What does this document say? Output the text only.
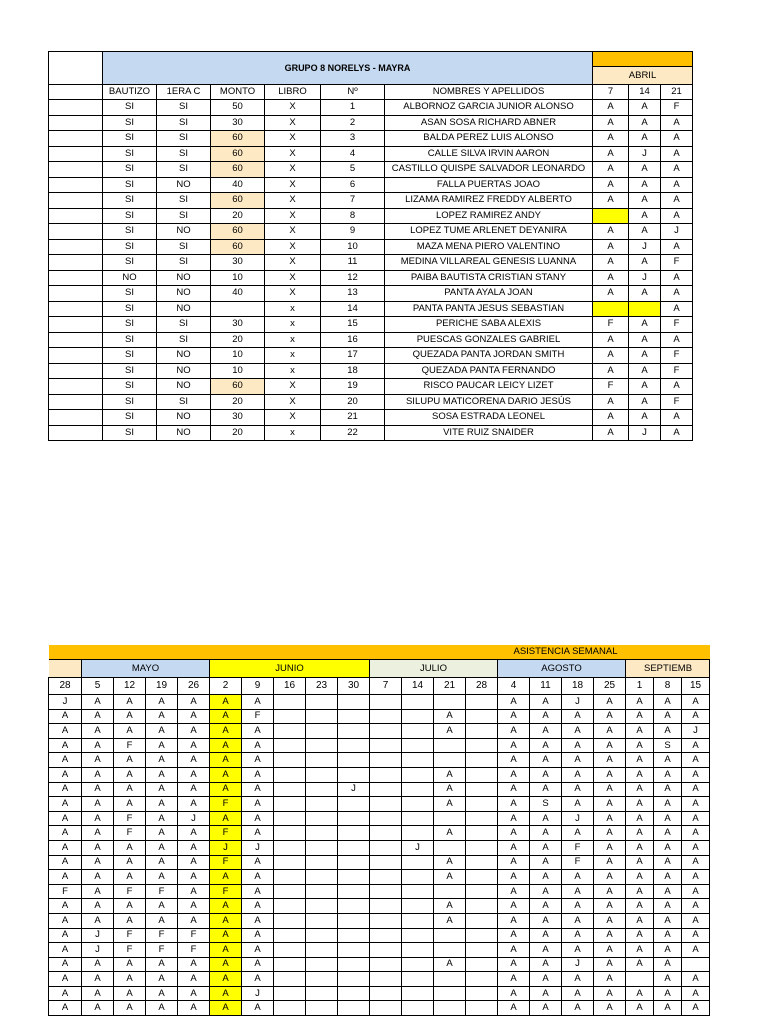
	GRUPO 8 NORELYS - MAYRA								
							ABRIL		
	BAUTIZO	1ERA C	MONTO	LIBRO	Nº	NOMBRES Y APELLIDOS	7	14	21
	SI	SI	50	X	1	ALBORNOZ GARCIA JUNIOR ALONSO	A	A	F
	SI	SI	30	X	2	ASAN SOSA RICHARD ABNER	A	A	A
	SI	SI	60	X	3	BALDA PEREZ LUIS ALONSO	A	A	A
	SI	SI	60	X	4	CALLE SILVA IRVIN AARON	A	J	A
	SI	SI	60	X	5	CASTILLO QUISPE SALVADOR LEONARDO	A	A	A
	SI	NO	40	X	6	FALLA PUERTAS JOAO	A	A	A
	SI	SI	60	X	7	LIZAMA RAMIREZ FREDDY ALBERTO	A	A	A
	SI	SI	20	X	8	LOPEZ RAMIREZ ANDY		A	A
	SI	NO	60	X	9	LOPEZ TUME ARLENET DEYANIRA	A	A	J
	SI	SI	60	X	10	MAZA MENA PIERO VALENTINO	A	J	A
	SI	SI	30	X	11	MEDINA VILLAREAL GENESIS LUANNA	A	A	F
	NO	NO	10	X	12	PAIBA BAUTISTA CRISTIAN STANY	A	J	A
	SI	NO	40	X	13	PANTA AYALA JOAN	A	A	A
	SI	NO		x	14	PANTA PANTA JESUS SEBASTIAN			A
	SI	SI	30	x	15	PERICHE SABA ALEXIS	F	A	F
	SI	SI	20	x	16	PUESCAS GONZALES GABRIEL	A	A	A
	SI	NO	10	x	17	QUEZADA PANTA JORDAN SMITH	A	A	F
	SI	NO	10	x	18	QUEZADA PANTA FERNANDO	A	A	F
	SI	NO	60	X	19	RISCO PAUCAR LEICY LIZET	F	A	A
	SI	SI	20	X	20	SILUPU MATICORENA DARIO JESÚS	A	A	F
	SI	NO	30	X	21	SOSA ESTRADA LEONEL	A	A	A
	SI	NO	20	x	22	VITE RUIZ SNAIDER	A	J	A
ASISTENCIA SEMANAL																				
	MAYO				JUNIO					JULIO				AGOSTO				SEPTIEMB		
28	5	12	19	26	2	9	16	23	30	7	14	21	28	4	11	18	25	1	8	15
J	A	A	A	A	A	A								A	A	J	A	A	A	A
A	A	A	A	A	A	F						A		A	A	A	A	A	A	A
A	A	A	A	A	A	A						A		A	A	A	A	A	A	J
A	A	F	A	A	A	A								A	A	A	A	A	S	A
A	A	A	A	A	A	A								A	A	A	A	A	A	A
A	A	A	A	A	A	A						A		A	A	A	A	A	A	A
A	A	A	A	A	A	A			J			A		A	A	A	A	A	A	A
A	A	A	A	A	F	A						A		A	S	A	A	A	A	A
A	A	F	A	J	A	A								A	A	J	A	A	A	A
A	A	F	A	A	F	A						A		A	A	A	A	A	A	A
A	A	A	A	A	J	J					J			A	A	F	A	A	A	A
A	A	A	A	A	F	A						A		A	A	F	A	A	A	A
A	A	A	A	A	A	A						A		A	A	A	A	A	A	A
F	A	F	F	A	F	A								A	A	A	A	A	A	A
A	A	A	A	A	A	A						A		A	A	A	A	A	A	A
A	A	A	A	A	A	A						A		A	A	A	A	A	A	A
A	J	F	F	F	A	A								A	A	A	A	A	A	A
A	J	F	F	F	A	A								A	A	A	A	A	A	A
A	A	A	A	A	A	A						A		A	A	J	A	A	A	
A	A	A	A	A	A	A								A	A	A	A		A	A
A	A	A	A	A	A	J								A	A	A	A	A	A	A
A	A	A	A	A	A	A								A	A	A	A	A	A	A
